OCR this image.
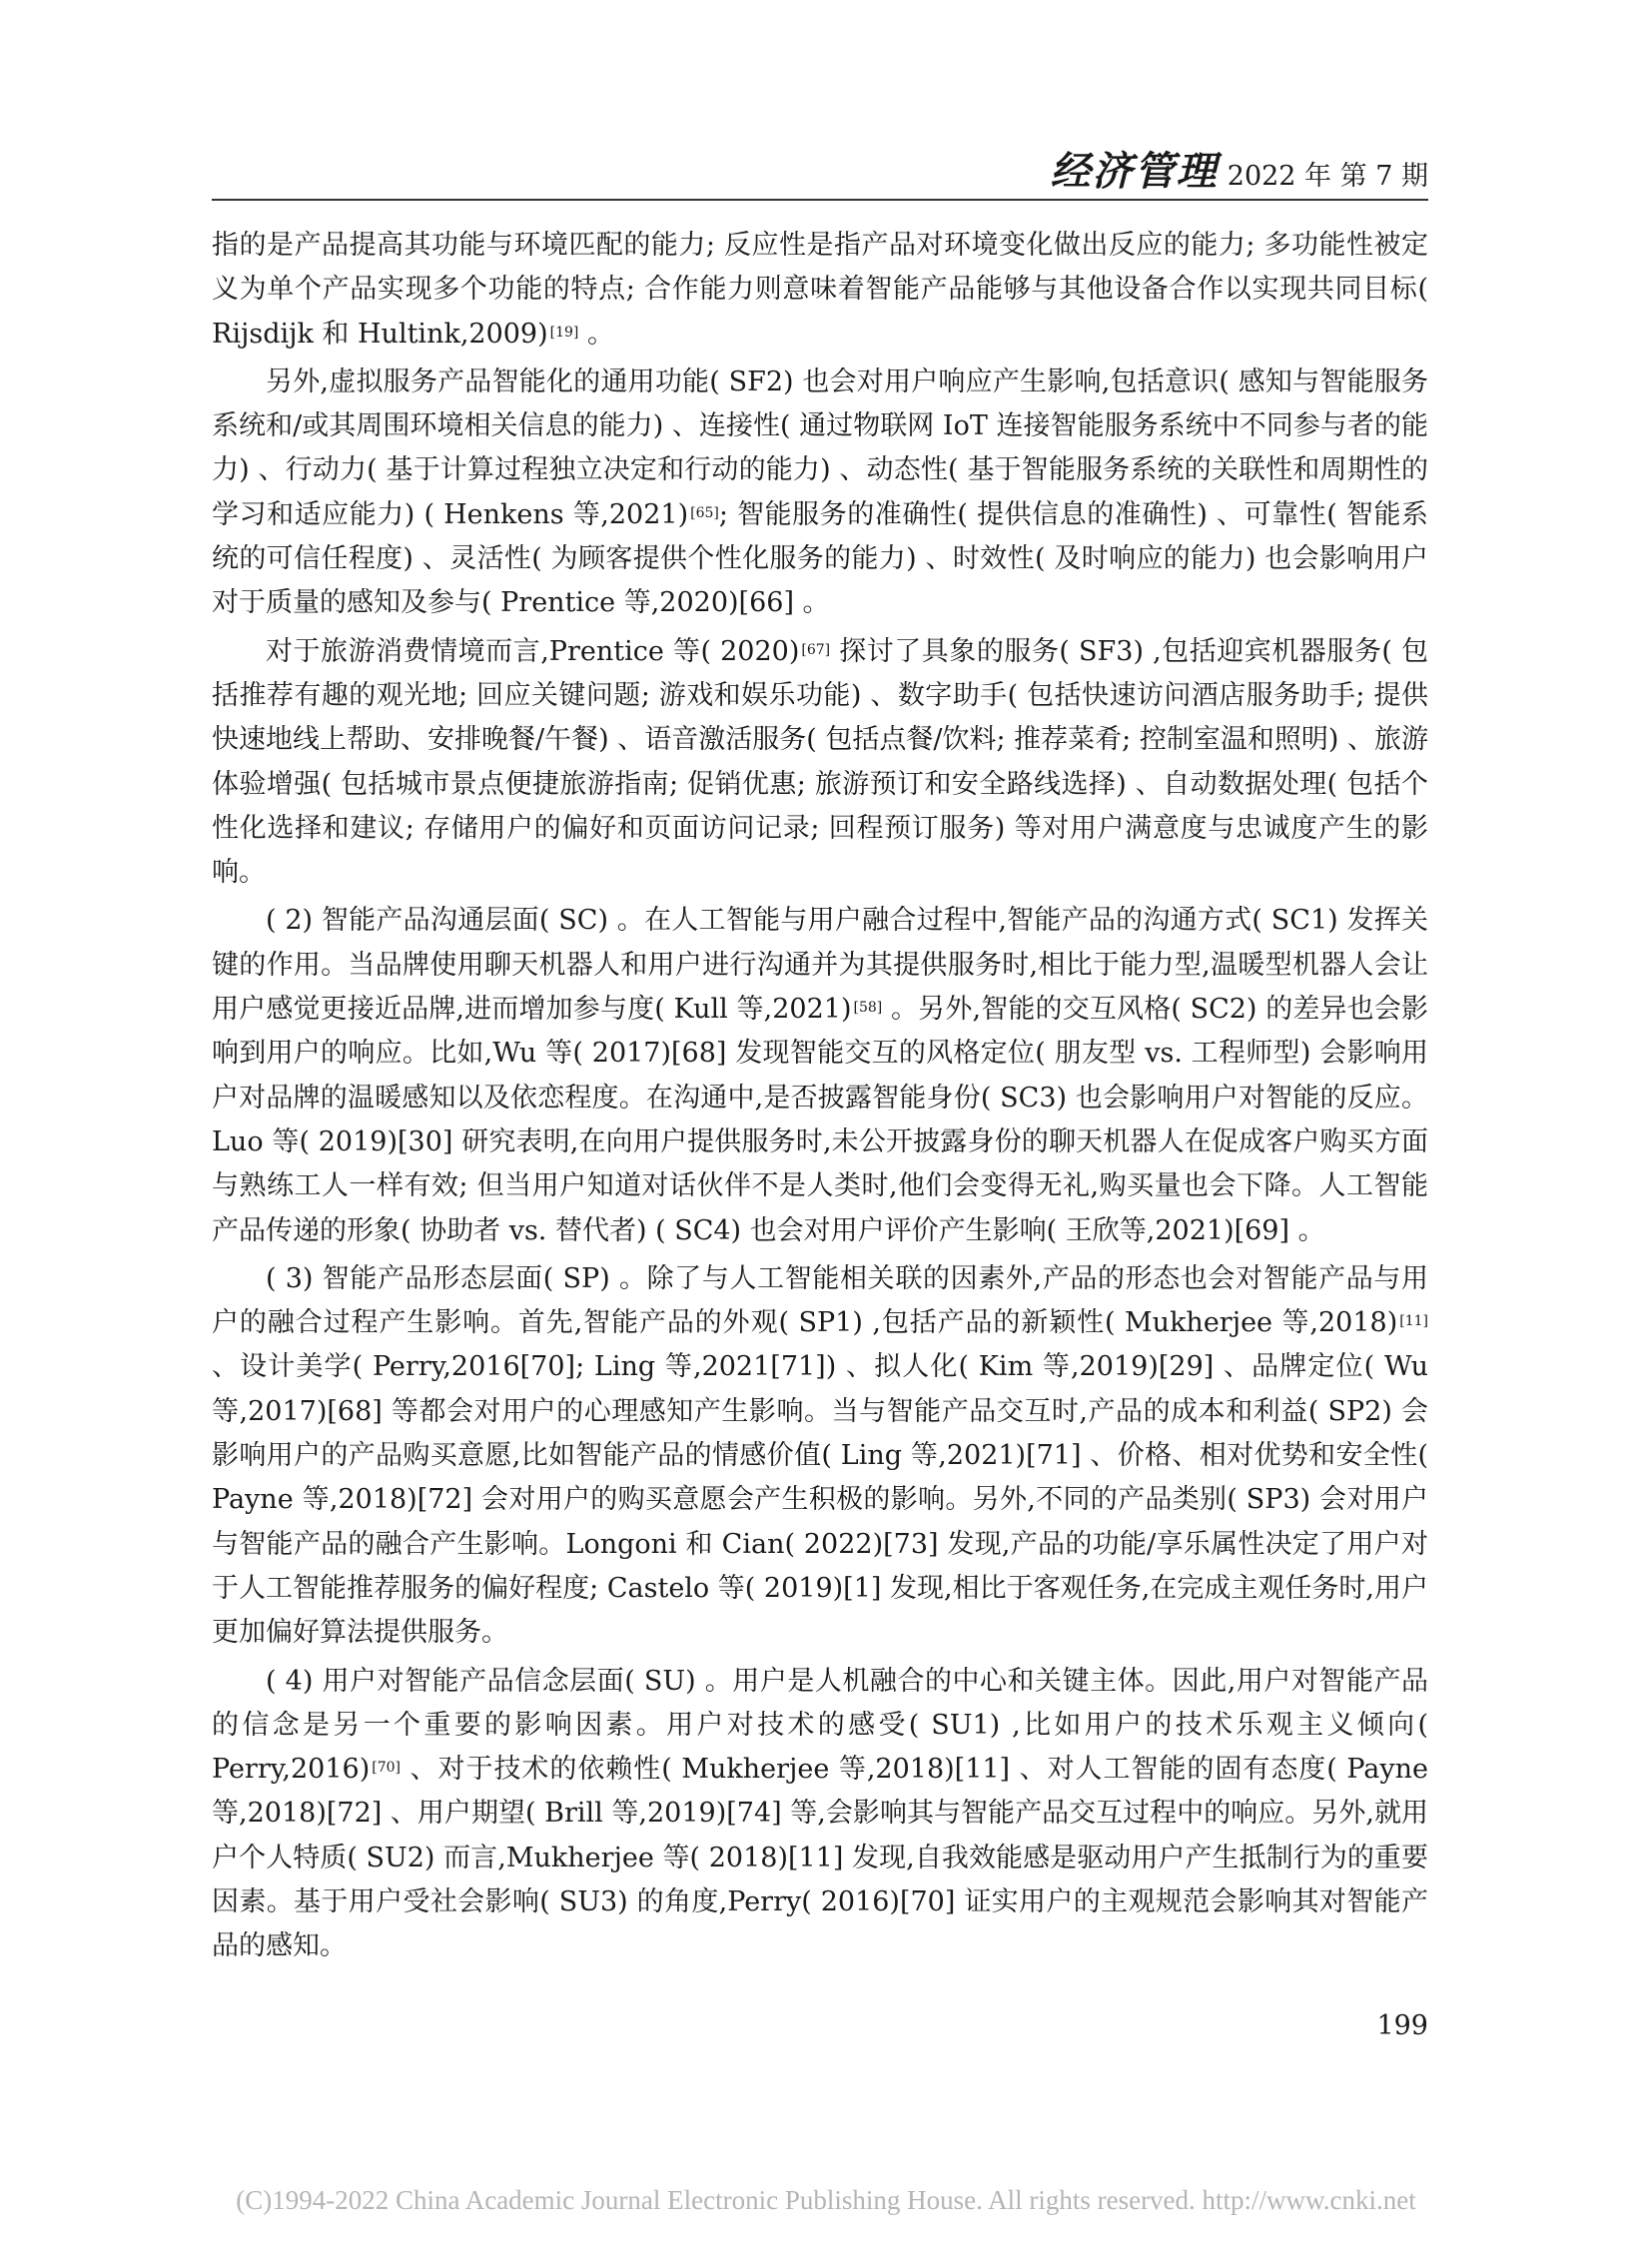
经济管理 2022 年 第 7 期

指的是产品提高其功能与环境匹配的能力; 反应性是指产品对环境变化做出反应的能力; 多功能性被定义为单个产品实现多个功能的特点; 合作能力则意味着智能产品能够与其他设备合作以实现共同目标( Rijsdijk 和 Hultink,2009) [19] 。

另外,虚拟服务产品智能化的通用功能( SF2) 也会对用户响应产生影响,包括意识( 感知与智能服务系统和/或其周围环境相关信息的能力) 、连接性( 通过物联网 IoT 连接智能服务系统中不同参与者的能力) 、行动力( 基于计算过程独立决定和行动的能力) 、动态性( 基于智能服务系统的关联性和周期性的学习和适应能力) ( Henkens 等,2021) [65]; 智能服务的准确性( 提供信息的准确性) 、可靠性( 智能系统的可信任程度) 、灵活性( 为顾客提供个性化服务的能力) 、时效性( 及时响应的能力) 也会影响用户对于质量的感知及参与( Prentice 等,2020)[66] 。

对于旅游消费情境而言,Prentice 等( 2020) [67] 探讨了具象的服务( SF3) ,包括迎宾机器服务( 包括推荐有趣的观光地; 回应关键问题; 游戏和娱乐功能) 、数字助手( 包括快速访问酒店服务助手; 提供快速地线上帮助、安排晚餐/午餐) 、语音激活服务( 包括点餐/饮料; 推荐菜肴; 控制室温和照明) 、旅游体验增强( 包括城市景点便捷旅游指南; 促销优惠; 旅游预订和安全路线选择) 、自动数据处理( 包括个性化选择和建议; 存储用户的偏好和页面访问记录; 回程预订服务) 等对用户满意度与忠诚度产生的影响。

( 2) 智能产品沟通层面( SC) 。在人工智能与用户融合过程中,智能产品的沟通方式( SC1) 发挥关键的作用。当品牌使用聊天机器人和用户进行沟通并为其提供服务时,相比于能力型,温暖型机器人会让用户感觉更接近品牌,进而增加参与度( Kull 等,2021) [58] 。另外,智能的交互风格( SC2) 的差异也会影响到用户的响应。比如,Wu 等( 2017)[68] 发现智能交互的风格定位( 朋友型 vs. 工程师型) 会影响用户对品牌的温暖感知以及依恋程度。在沟通中,是否披露智能身份( SC3) 也会影响用户对智能的反应。Luo 等( 2019)[30] 研究表明,在向用户提供服务时,未公开披露身份的聊天机器人在促成客户购买方面与熟练工人一样有效; 但当用户知道对话伙伴不是人类时,他们会变得无礼,购买量也会下降。人工智能产品传递的形象( 协助者 vs. 替代者) ( SC4) 也会对用户评价产生影响( 王欣等,2021)[69] 。

( 3) 智能产品形态层面( SP) 。除了与人工智能相关联的因素外,产品的形态也会对智能产品与用户的融合过程产生影响。首先,智能产品的外观( SP1) ,包括产品的新颖性( Mukherjee 等,2018) [11] 、设计美学( Perry,2016[70]; Ling 等,2021[71]) 、拟人化( Kim 等,2019)[29] 、品牌定位( Wu 等,2017)[68] 等都会对用户的心理感知产生影响。当与智能产品交互时,产品的成本和利益( SP2) 会影响用户的产品购买意愿,比如智能产品的情感价值( Ling 等,2021)[71] 、价格、相对优势和安全性( Payne 等,2018)[72] 会对用户的购买意愿会产生积极的影响。另外,不同的产品类别( SP3) 会对用户与智能产品的融合产生影响。Longoni 和 Cian( 2022)[73] 发现,产品的功能/享乐属性决定了用户对于人工智能推荐服务的偏好程度; Castelo 等( 2019)[1] 发现,相比于客观任务,在完成主观任务时,用户更加偏好算法提供服务。

( 4) 用户对智能产品信念层面( SU) 。用户是人机融合的中心和关键主体。因此,用户对智能产品的信念是另一个重要的影响因素。用户对技术的感受( SU1) ,比如用户的技术乐观主义倾向( Perry,2016) [70] 、对于技术的依赖性( Mukherjee 等,2018)[11] 、对人工智能的固有态度( Payne 等,2018)[72] 、用户期望( Brill 等,2019)[74] 等,会影响其与智能产品交互过程中的响应。另外,就用户个人特质( SU2) 而言,Mukherjee 等( 2018)[11] 发现,自我效能感是驱动用户产生抵制行为的重要因素。基于用户受社会影响( SU3) 的角度,Perry( 2016)[70] 证实用户的主观规范会影响其对智能产品的感知。

199
(C)1994-2022 China Academic Journal Electronic Publishing House. All rights reserved. http://www.cnki.net
